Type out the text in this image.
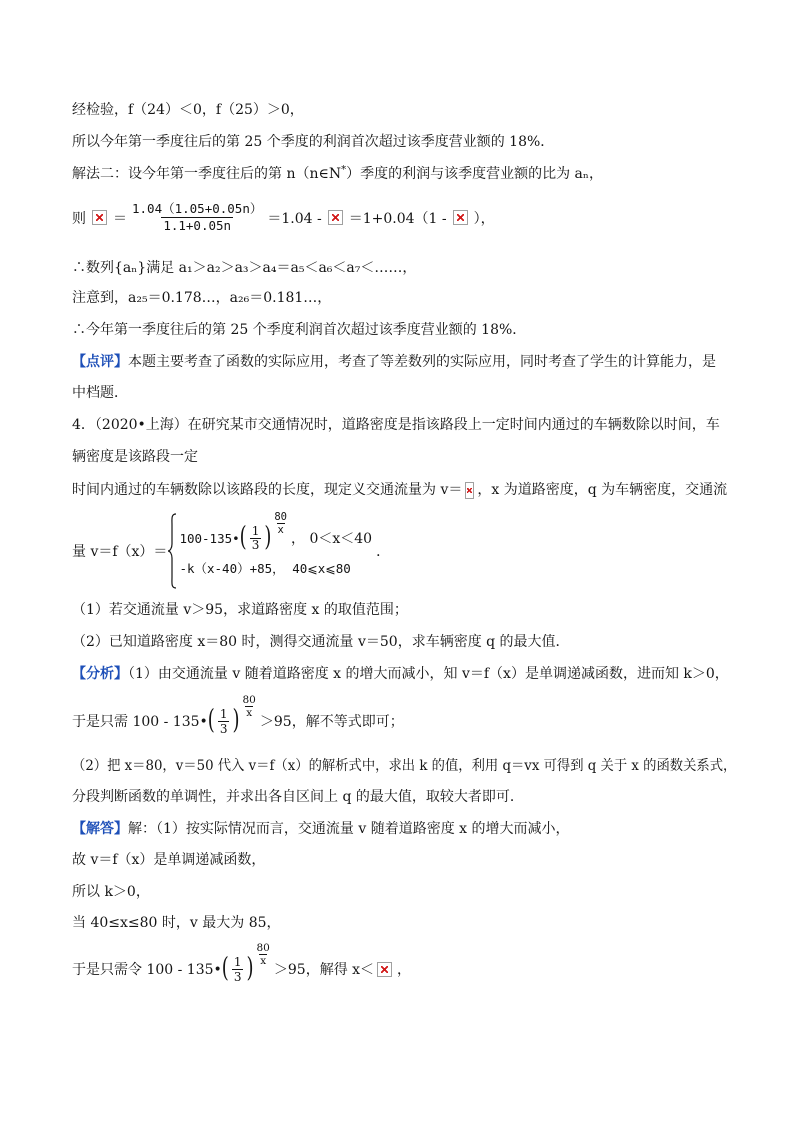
经检验，f（24）＜0，f（25）＞0，
所以今年第一季度往后的第 25 个季度的利润首次超过该季度营业额的 18%．
解法二：设今年第一季度往后的第 n（n∈N*）季度的利润与该季度营业额的比为 aₙ，
则 ＝ $\frac{1.04(1.05+0.05n)}{1.1+0.05n} =1.04 - =1+0.04(1$ - ），
∴数列{aₙ}满足 a₁＞a₂＞a₃＞a₄＝a₅＜a₆＜a₇＜……，
注意到，a₂₅＝0.178…，a₂₆＝0.181…，
∴今年第一季度往后的第 25 个季度利润首次超过该季度营业额的 18%．
【点评】本题主要考查了函数的实际应用，考查了等差数列的实际应用，同时考查了学生的计算能力，是
中档题．
4．（2020•上海）在研究某市交通情况时，道路密度是指该路段上一定时间内通过的车辆数除以时间，车
辆密度是该路段一定
时间内通过的车辆数除以该路段的长度，现定义交通流量为 v＝ ，x 为道路密度，q 为车辆密度，交通流
量 v＝f（x）＝
100-135• ( $\frac{1}{3}$ ) $\frac{80}{x}$
， 0＜x＜40
-k（x-40）+85， 40⩽x⩽80
．
（1）若交通流量 v＞95，求道路密度 x 的取值范围；
（2）已知道路密度 x＝80 时，测得交通流量 v＝50，求车辆密度 q 的最大值．
【分析】（1）由交通流量 v 随着道路密度 x 的增大而减小，知 v＝f（x）是单调递减函数，进而知 k＞0，
于是只需 100 - 135• ( $\frac{1}{3}$ ) $\frac{80}{x}$
＞95，解不等式即可；
（2）把 x＝80，v＝50 代入 v＝f（x）的解析式中，求出 k 的值，利用 q＝vx 可得到 q 关于 x 的函数关系式，
分段判断函数的单调性，并求出各自区间上 q 的最大值，取较大者即可．
【解答】解：（1）按实际情况而言，交通流量 v 随着道路密度 x 的增大而减小，
故 v＝f（x）是单调递减函数，
所以 k＞0，
当 40≤x≤80 时，v 最大为 85，
于是只需令 100 - 135• ( $\frac{1}{3}$ ) $\frac{80}{x}$
＞95，解得 x＜ ，
